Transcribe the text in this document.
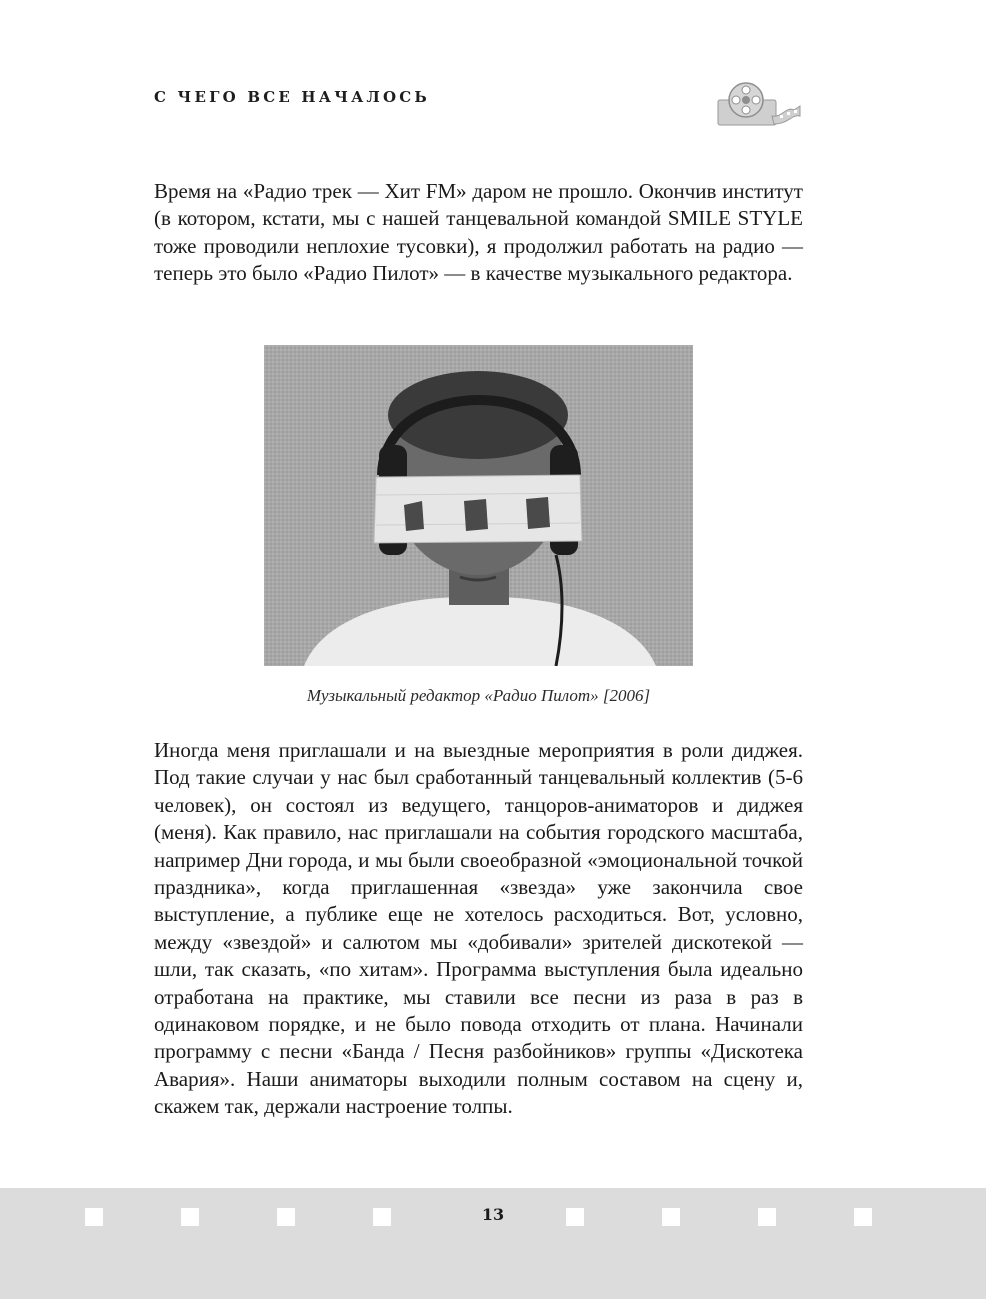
С ЧЕГО ВСЕ НАЧАЛОСЬ

Время на «Радио трек — Хит FM» даром не прошло. Окончив институт (в котором, кстати, мы с нашей танцевальной командой SMILE STYLE тоже проводили неплохие тусовки), я продолжил работать на радио — теперь это было «Радио Пилот» — в качестве музыкального редактора.

Музыкальный редактор «Радио Пилот» [2006]

Иногда меня приглашали и на выездные мероприятия в роли диджея. Под такие случаи у нас был сработанный танцевальный коллектив (5-6 человек), он состоял из ведущего, танцоров-аниматоров и диджея (меня). Как правило, нас приглашали на события городского масштаба, например Дни города, и мы были своеобразной «эмоциональной точкой праздника», когда приглашенная «звезда» уже закончила свое выступление, а публике еще не хотелось расходиться. Вот, условно, между «звездой» и салютом мы «добивали» зрителей дискотекой — шли, так сказать, «по хитам». Программа выступления была идеально отработана на практике, мы ставили все песни из раза в раз в одинаковом порядке, и не было повода отходить от плана. Начинали программу с песни «Банда / Песня разбойников» группы «Дискотека Авария». Наши аниматоры выходили полным составом на сцену и, скажем так, держали настроение толпы.

13
